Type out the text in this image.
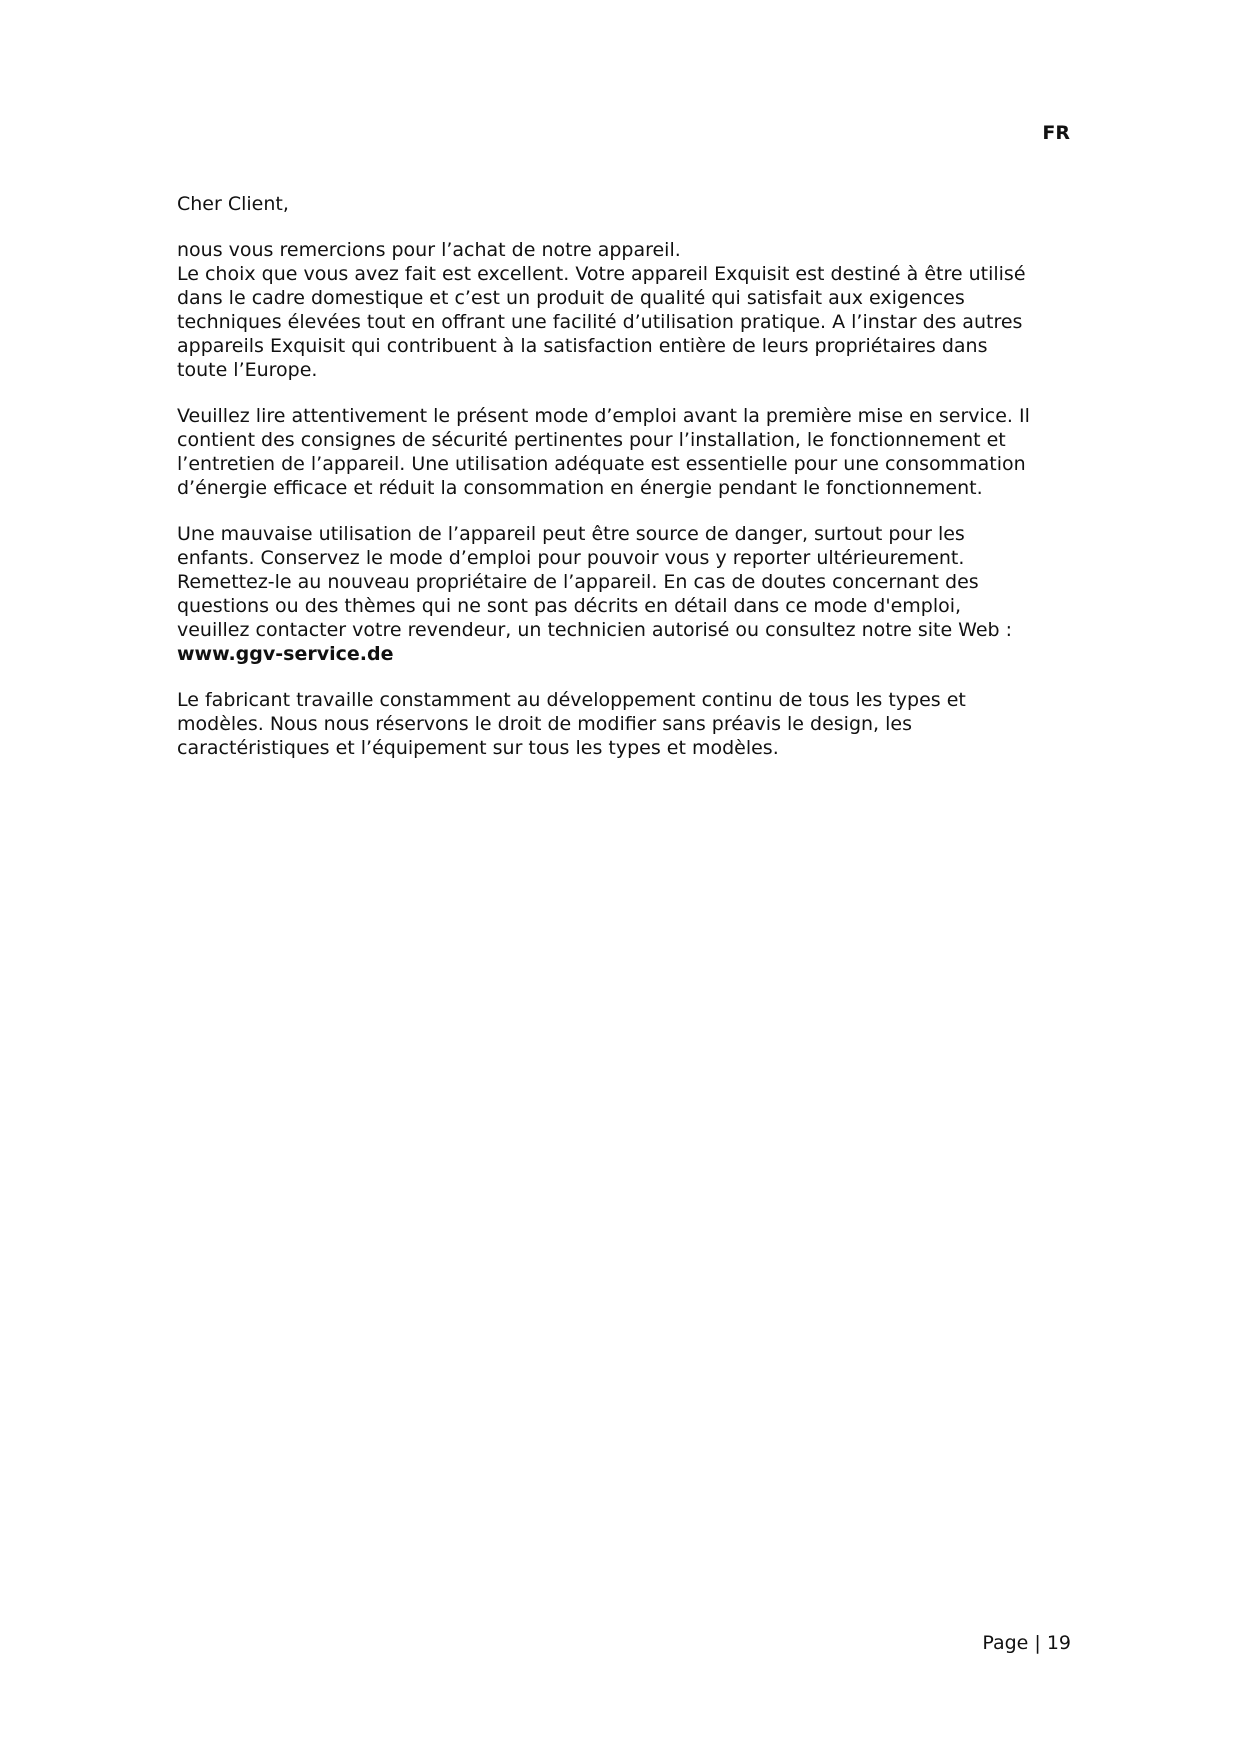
FR

Cher Client,

nous vous remercions pour l’achat de notre appareil.
Le choix que vous avez fait est excellent. Votre appareil Exquisit est destiné à être utilisé
dans le cadre domestique et c’est un produit de qualité qui satisfait aux exigences
techniques élevées tout en offrant une facilité d’utilisation pratique. A l’instar des autres
appareils Exquisit qui contribuent à la satisfaction entière de leurs propriétaires dans
toute l’Europe.

Veuillez lire attentivement le présent mode d’emploi avant la première mise en service. Il
contient des consignes de sécurité pertinentes pour l’installation, le fonctionnement et
l’entretien de l’appareil. Une utilisation adéquate est essentielle pour une consommation
d’énergie efficace et réduit la consommation en énergie pendant le fonctionnement.

Une mauvaise utilisation de l’appareil peut être source de danger, surtout pour les
enfants. Conservez le mode d’emploi pour pouvoir vous y reporter ultérieurement.
Remettez-le au nouveau propriétaire de l’appareil. En cas de doutes concernant des
questions ou des thèmes qui ne sont pas décrits en détail dans ce mode d'emploi,
veuillez contacter votre revendeur, un technicien autorisé ou consultez notre site Web :
www.ggv-service.de

Le fabricant travaille constamment au développement continu de tous les types et
modèles. Nous nous réservons le droit de modifier sans préavis le design, les
caractéristiques et l’équipement sur tous les types et modèles.

Page | 19
